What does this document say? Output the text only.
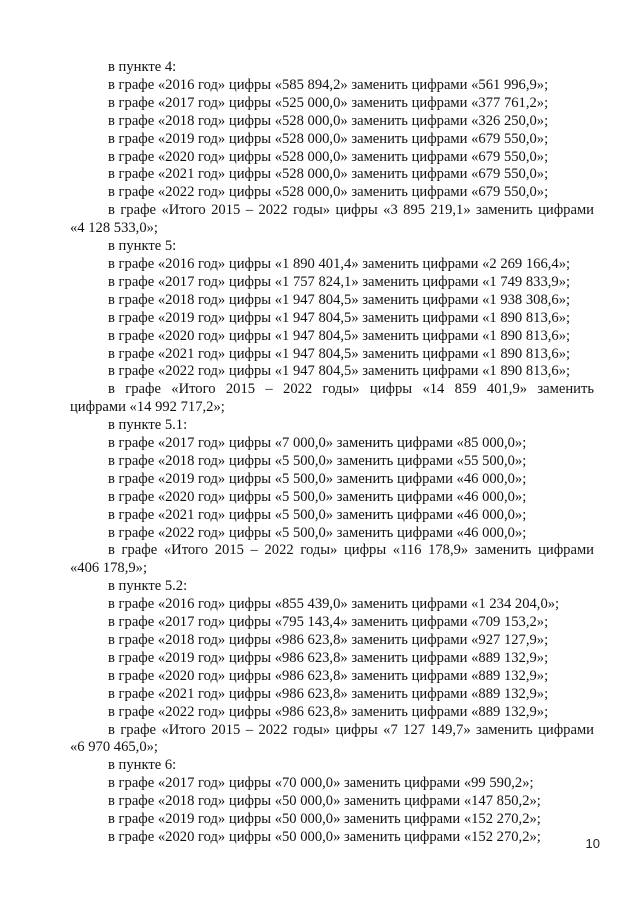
в пункте 4:
в графе «2016 год» цифры «585 894,2» заменить цифрами «561 996,9»;
в графе «2017 год» цифры «525 000,0» заменить цифрами «377 761,2»;
в графе «2018 год» цифры «528 000,0» заменить цифрами «326 250,0»;
в графе «2019 год» цифры «528 000,0» заменить цифрами «679 550,0»;
в графе «2020 год» цифры «528 000,0» заменить цифрами «679 550,0»;
в графе «2021 год» цифры «528 000,0» заменить цифрами «679 550,0»;
в графе «2022 год» цифры «528 000,0» заменить цифрами «679 550,0»;
в графе «Итого 2015 – 2022 годы» цифры «3 895 219,1» заменить цифрами
«4 128 533,0»;
в пункте 5:
в графе «2016 год» цифры «1 890 401,4» заменить цифрами «2 269 166,4»;
в графе «2017 год» цифры «1 757 824,1» заменить цифрами «1 749 833,9»;
в графе «2018 год» цифры «1 947 804,5» заменить цифрами «1 938 308,6»;
в графе «2019 год» цифры «1 947 804,5» заменить цифрами «1 890 813,6»;
в графе «2020 год» цифры «1 947 804,5» заменить цифрами «1 890 813,6»;
в графе «2021 год» цифры «1 947 804,5» заменить цифрами «1 890 813,6»;
в графе «2022 год» цифры «1 947 804,5» заменить цифрами «1 890 813,6»;
в графе «Итого 2015 – 2022 годы» цифры «14 859 401,9» заменить
цифрами «14 992 717,2»;
в пункте 5.1:
в графе «2017 год» цифры «7 000,0» заменить цифрами «85 000,0»;
в графе «2018 год» цифры «5 500,0» заменить цифрами «55 500,0»;
в графе «2019 год» цифры «5 500,0» заменить цифрами «46 000,0»;
в графе «2020 год» цифры «5 500,0» заменить цифрами «46 000,0»;
в графе «2021 год» цифры «5 500,0» заменить цифрами «46 000,0»;
в графе «2022 год» цифры «5 500,0» заменить цифрами «46 000,0»;
в графе «Итого 2015 – 2022 годы» цифры «116 178,9» заменить цифрами
«406 178,9»;
в пункте 5.2:
в графе «2016 год» цифры «855 439,0» заменить цифрами «1 234 204,0»;
в графе «2017 год» цифры «795 143,4» заменить цифрами «709 153,2»;
в графе «2018 год» цифры «986 623,8» заменить цифрами «927 127,9»;
в графе «2019 год» цифры «986 623,8» заменить цифрами «889 132,9»;
в графе «2020 год» цифры «986 623,8» заменить цифрами «889 132,9»;
в графе «2021 год» цифры «986 623,8» заменить цифрами «889 132,9»;
в графе «2022 год» цифры «986 623,8» заменить цифрами «889 132,9»;
в графе «Итого 2015 – 2022 годы» цифры «7 127 149,7» заменить цифрами
«6 970 465,0»;
в пункте 6:
в графе «2017 год» цифры «70 000,0» заменить цифрами «99 590,2»;
в графе «2018 год» цифры «50 000,0» заменить цифрами «147 850,2»;
в графе «2019 год» цифры «50 000,0» заменить цифрами «152 270,2»;
в графе «2020 год» цифры «50 000,0» заменить цифрами «152 270,2»;	10
